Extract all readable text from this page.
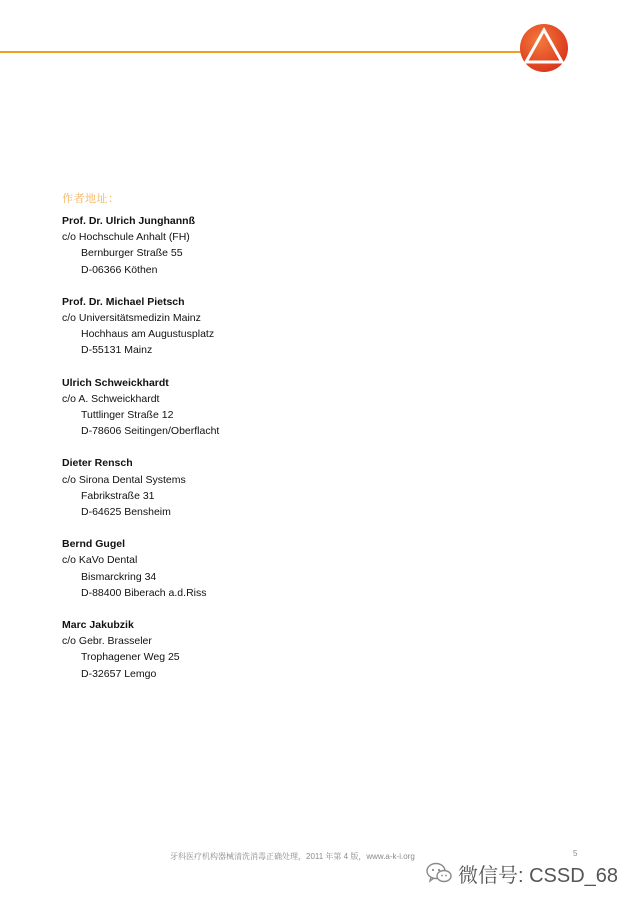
作者地址：
Prof. Dr. Ulrich Junghannß
c/o Hochschule Anhalt (FH)
Bernburger Straße 55
D-06366 Köthen
Prof. Dr. Michael Pietsch
c/o Universitätsmedizin Mainz
Hochhaus am Augustusplatz
D-55131 Mainz
Ulrich Schweickhardt
c/o A. Schweickhardt
Tuttlinger Straße 12
D-78606 Seitingen/Oberflacht
Dieter Rensch
c/o Sirona Dental Systems
Fabrikstraße 31
D-64625 Bensheim
Bernd Gugel
c/o KaVo Dental
Bismarckring 34
D-88400 Biberach a.d.Riss
Marc Jakubzik
c/o Gebr. Brasseler
Trophagener Weg 25
D-32657 Lemgo
牙科医疗机构器械清洗消毒正确处理，2011 年第 4 版，www.a-k-i.org	5
微信号: CSSD_68
